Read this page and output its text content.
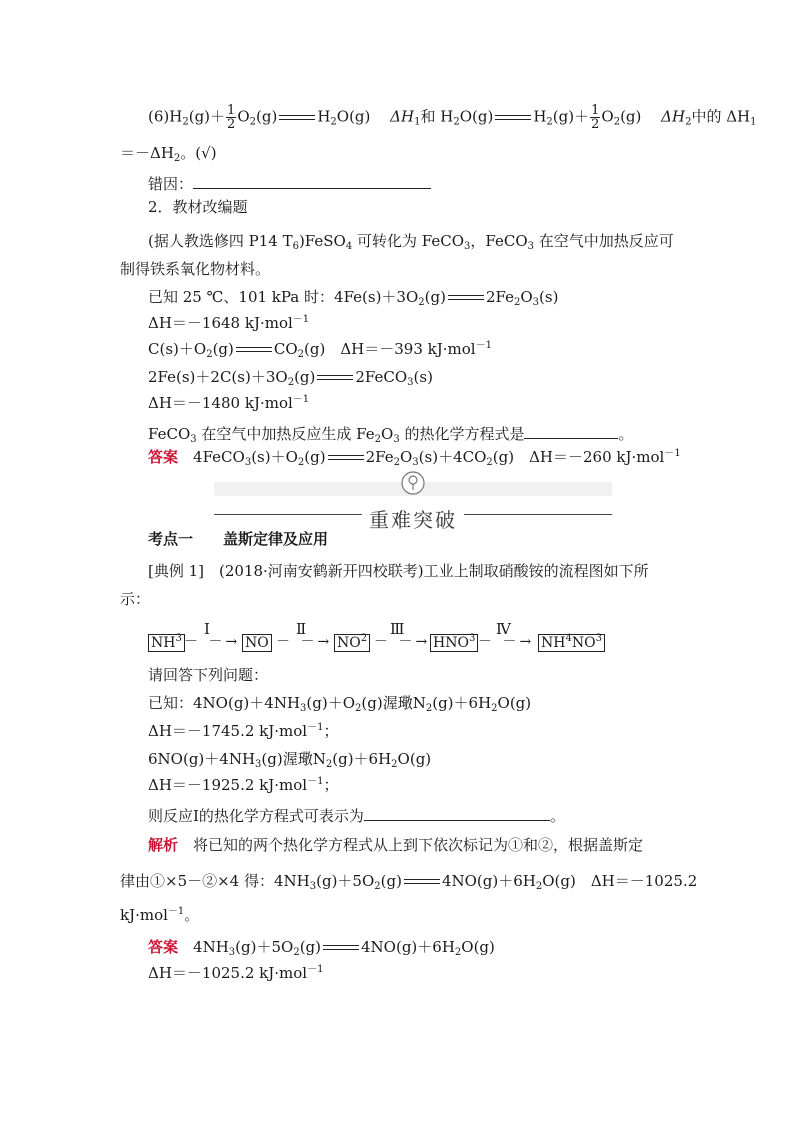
$(6)H_2(g)+ \frac{1}{2} O_2(g)$	$H_2O(g)$　 $\Delta H_1$和 $H_2O(g)$	$H_2(g)+ \frac{1}{2} O_2(g)$　 $\Delta H_2$中的 $\Delta H_1$
$=-\Delta H_2$。(√)
错因：
2．教材改编题
(据人教选修四 P14 $T_6)FeSO_4$ 可转化为 FeCO$_3$，FeCO$_3$ 在空气中加热反应可
制得铁系氧化物材料。
已知 25 ℃、101 kPa 时：$4Fe(s)+3O_2(g)$	$2Fe_2O_3(s)$
ΔH＝－1648 kJ·mol$^{-1}$
$C(s)+O_2(g)$	$CO_2(g)$　ΔH＝－393 kJ·mol$^{-1}$
$2Fe(s)+2C(s)+3O_2(g)$	2FeCO$_3$(s)
ΔH＝－1480 kJ·mol$^{-1}$
FeCO$_3$ 在空气中加热反应生成 $Fe_2O_3$ 的热化学方程式是	。
答案　 $4FeCO_3(s)+O_2(g)$	$2Fe_2O_3(s)+4CO_2(g)$　ΔH＝－260 kJ·mol$^{-1}$
重难突破
考点一　　 盖斯定律及应用
[典例 1]　(2018·河南安鹤新开四校联考)工业上制取硝酸铵的流程图如下所
示：
$NH^3$
Ⅰ
－ －→ NO
Ⅱ
－ －→ $NO^2$
Ⅲ
－ －→ $HNO^3$
Ⅳ
－ －→ $NH^4NO^3$
请回答下列问题：
已知：$4NO(g)+4NH_3(g)+O_2(g)$渥璥$N_2(g)+6H_2O(g)$
ΔH＝－1745.2 kJ·mol$^{-1}$；
$6NO(g)+4NH_3(g)$渥璥$N_2(g)+6H_2O(g)$
ΔH＝－1925.2 kJ·mol$^{-1}$；
则反应Ⅰ的热化学方程式可表示为	。
解析　 将已知的两个热化学方程式从上到下依次标记为①和②，根据盖斯定
律由①×5－②×4 得：$4NH_3(g)+5O_2(g)$	$4NO(g)+6H_2O(g)$　ΔH＝－1025.2
kJ·mol$^{-1}$。
答案　 $4NH_3(g)+5O_2(g)$	$4NO(g)+6H_2O(g)$
ΔH＝－1025.2 kJ·mol$^{-1}$
